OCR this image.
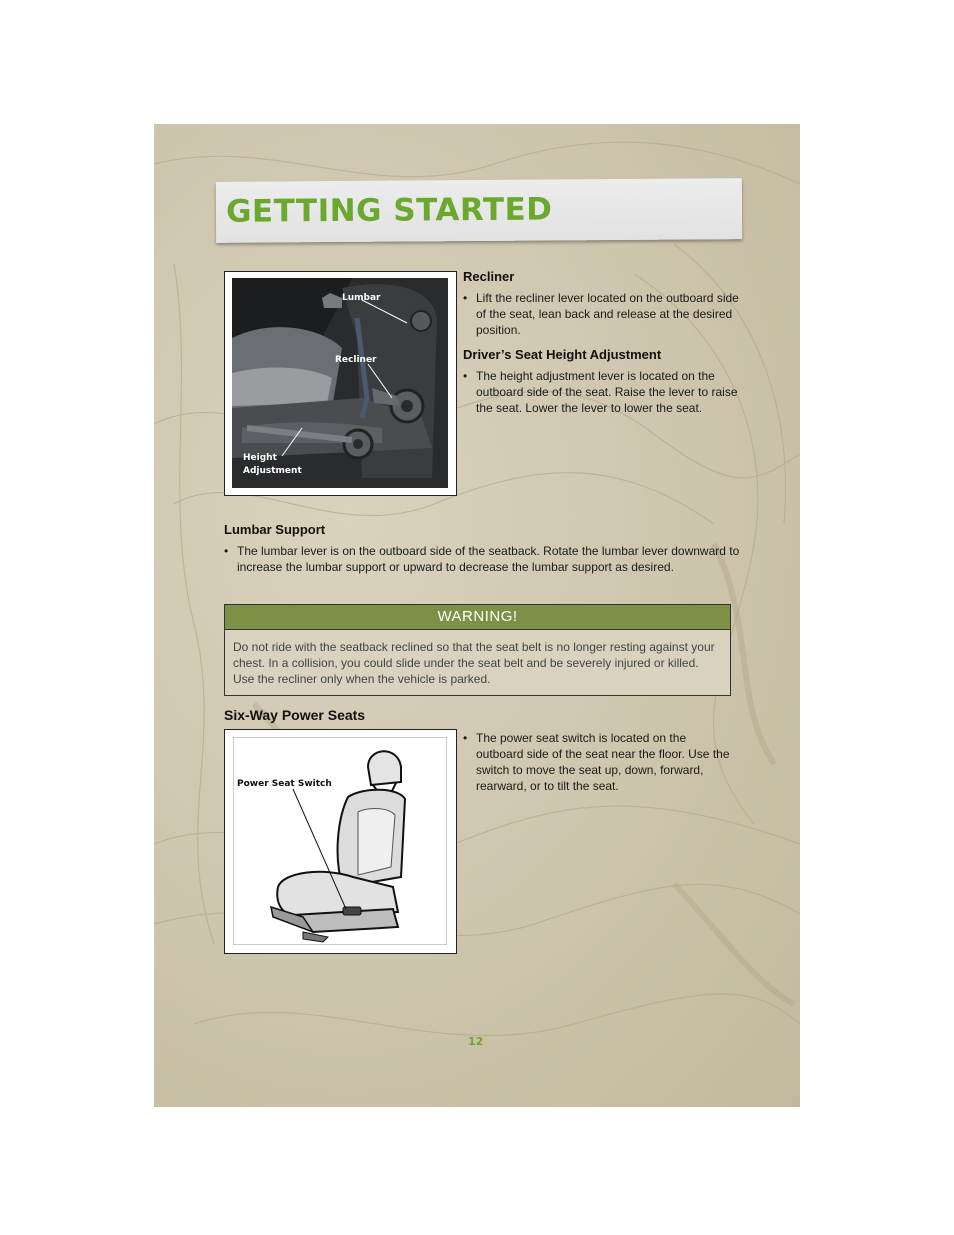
GETTING STARTED
Lumbar
Recliner
Height
Adjustment
Recliner

• Lift the recliner lever located on the outboard side of the seat, lean back and release at the desired position.

Driver’s Seat Height Adjustment

• The height adjustment lever is located on the outboard side of the seat. Raise the lever to raise the seat. Lower the lever to lower the seat.

Lumbar Support

• The lumbar lever is on the outboard side of the seatback. Rotate the lumbar lever downward to increase the lumbar support or upward to decrease the lumbar support as desired.

WARNING!
Do not ride with the seatback reclined so that the seat belt is no longer resting against your chest. In a collision, you could slide under the seat belt and be severely injured or killed. Use the recliner only when the vehicle is parked.
Six-Way Power Seats
Power Seat Switch

• The power seat switch is located on the outboard side of the seat near the floor. Use the switch to move the seat up, down, forward, rearward, or to tilt the seat.

12
